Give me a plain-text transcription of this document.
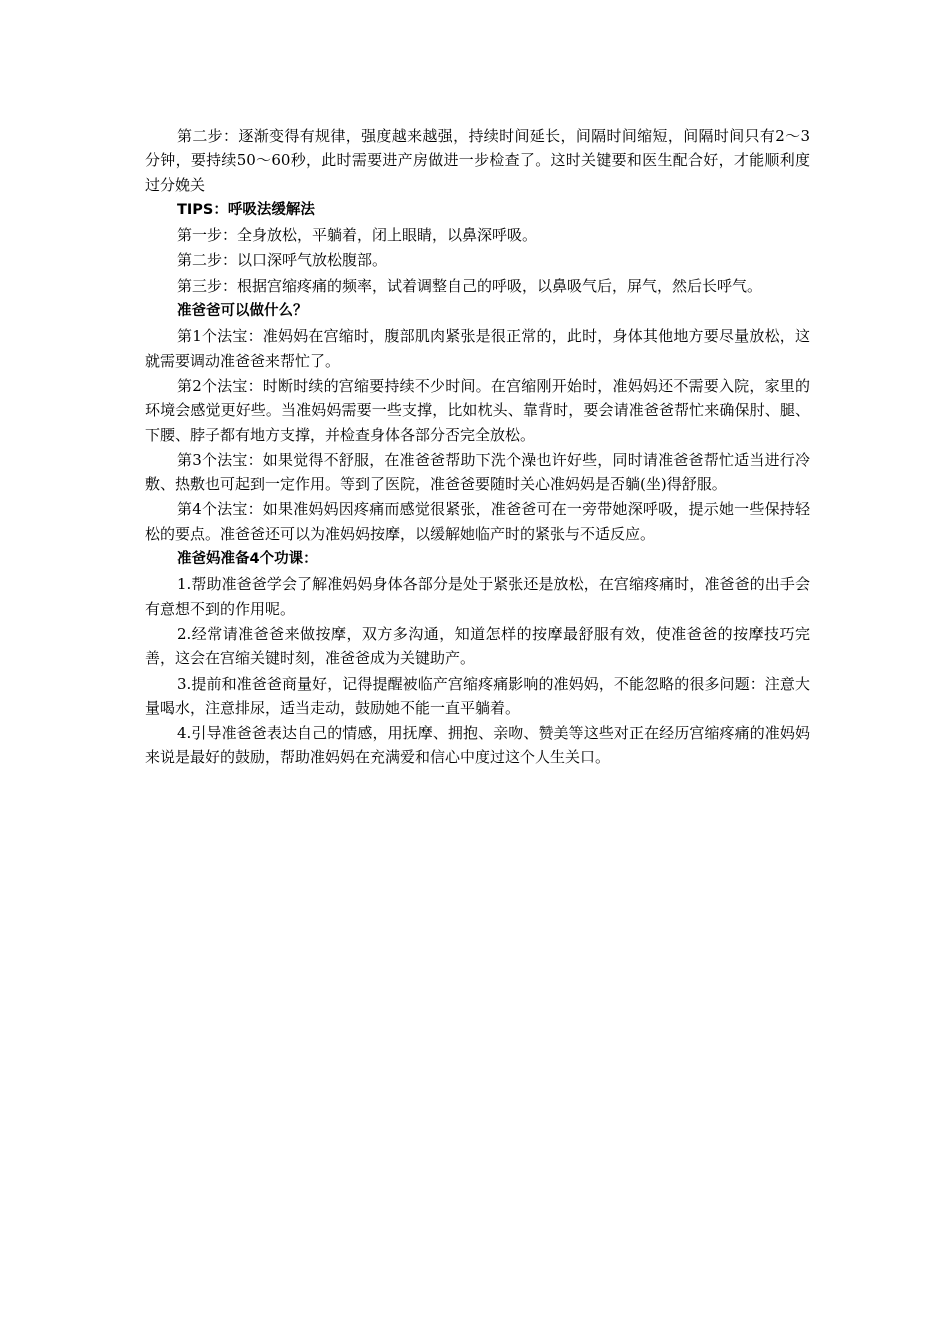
第二步：逐渐变得有规律，强度越来越强，持续时间延长，间隔时间缩短，间隔时间只有2～3分钟，要持续50～60秒，此时需要进产房做进一步检查了。这时关键要和医生配合好，才能顺利度过分娩关

TIPS：呼吸法缓解法

第一步：全身放松，平躺着，闭上眼睛，以鼻深呼吸。

第二步：以口深呼气放松腹部。

第三步：根据宫缩疼痛的频率，试着调整自己的呼吸，以鼻吸气后，屏气，然后长呼气。

准爸爸可以做什么？

第1个法宝：准妈妈在宫缩时，腹部肌肉紧张是很正常的，此时，身体其他地方要尽量放松，这就需要调动准爸爸来帮忙了。

第2个法宝：时断时续的宫缩要持续不少时间。在宫缩刚开始时，准妈妈还不需要入院，家里的环境会感觉更好些。当准妈妈需要一些支撑，比如枕头、靠背时，要会请准爸爸帮忙来确保肘、腿、下腰、脖子都有地方支撑，并检查身体各部分否完全放松。

第3个法宝：如果觉得不舒服，在准爸爸帮助下洗个澡也许好些，同时请准爸爸帮忙适当进行冷敷、热敷也可起到一定作用。等到了医院，准爸爸要随时关心准妈妈是否躺(坐)得舒服。

第4个法宝：如果准妈妈因疼痛而感觉很紧张，准爸爸可在一旁带她深呼吸，提示她一些保持轻松的要点。准爸爸还可以为准妈妈按摩，以缓解她临产时的紧张与不适反应。

准爸妈准备4个功课：

1.帮助准爸爸学会了解准妈妈身体各部分是处于紧张还是放松，在宫缩疼痛时，准爸爸的出手会有意想不到的作用呢。

2.经常请准爸爸来做按摩，双方多沟通，知道怎样的按摩最舒服有效，使准爸爸的按摩技巧完善，这会在宫缩关键时刻，准爸爸成为关键助产。

3.提前和准爸爸商量好，记得提醒被临产宫缩疼痛影响的准妈妈，不能忽略的很多问题：注意大量喝水，注意排尿，适当走动，鼓励她不能一直平躺着。

4.引导准爸爸表达自己的情感，用抚摩、拥抱、亲吻、赞美等这些对正在经历宫缩疼痛的准妈妈来说是最好的鼓励，帮助准妈妈在充满爱和信心中度过这个人生关口。
